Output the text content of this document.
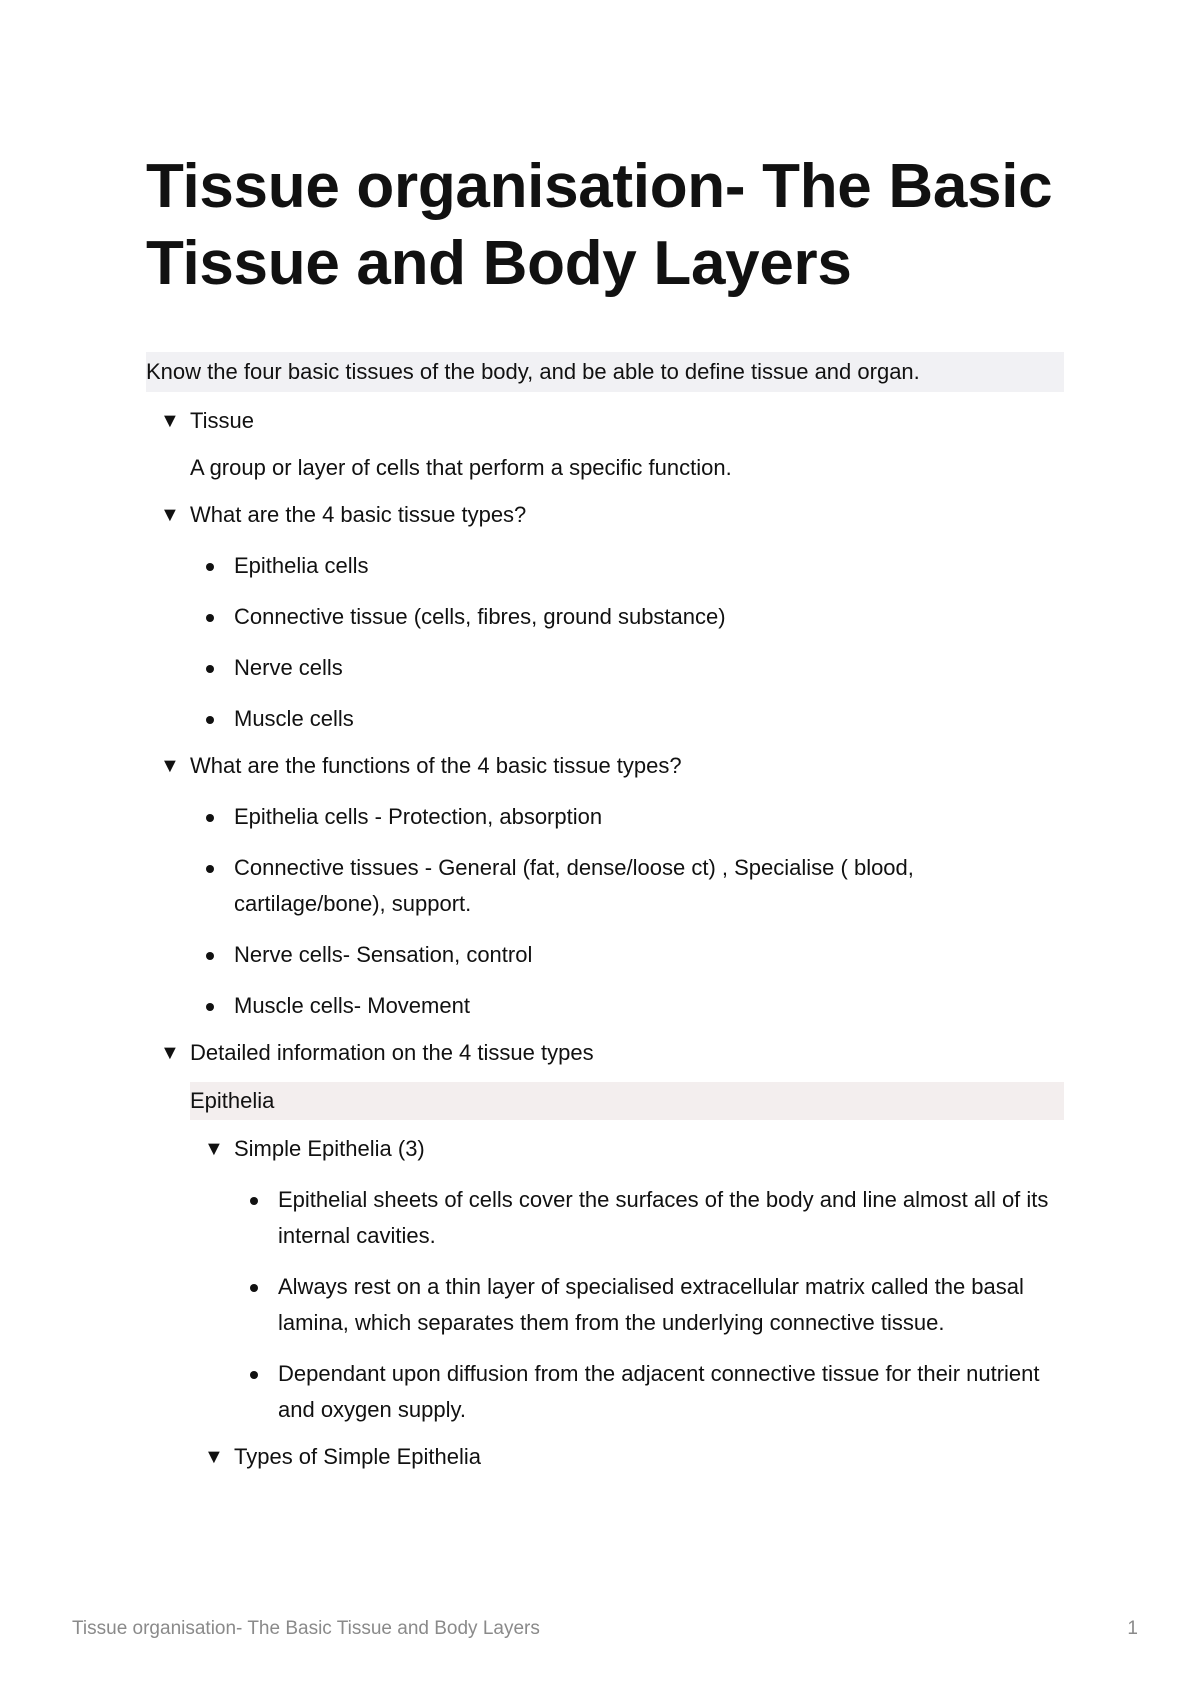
Tissue organisation- The Basic Tissue and Body Layers
Know the four basic tissues of the body, and be able to define tissue and organ.
▼ Tissue
A group or layer of cells that perform a specific function.
▼ What are the 4 basic tissue types?
Epithelia cells
Connective tissue (cells, fibres, ground substance)
Nerve cells
Muscle cells
▼ What are the functions of the 4 basic tissue types?
Epithelia cells - Protection, absorption
Connective tissues - General (fat, dense/loose ct) , Specialise ( blood, cartilage/bone), support.
Nerve cells- Sensation, control
Muscle cells- Movement
▼ Detailed information on the 4 tissue types
Epithelia
▼ Simple Epithelia (3)
Epithelial sheets of cells cover the surfaces of the body and line almost all of its internal cavities.
Always rest on a thin layer of specialised extracellular matrix called the basal lamina, which separates them from the underlying connective tissue.
Dependant upon diffusion from the adjacent connective tissue for their nutrient and oxygen supply.
▼ Types of Simple Epithelia
Tissue organisation- The Basic Tissue and Body Layers	1
